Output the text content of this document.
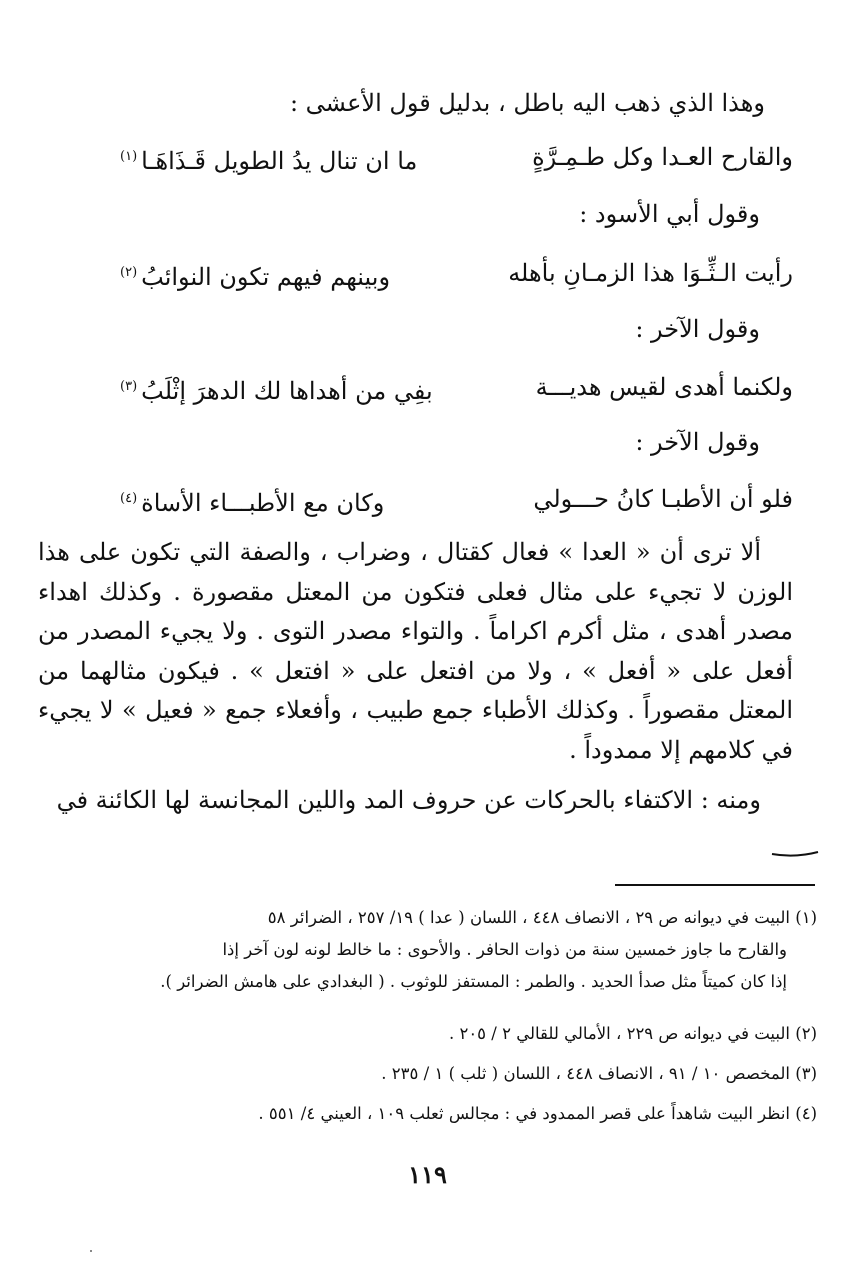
وهذا الذي ذهب اليه باطل ، بدليل قول الأعشى :
والقارح العـدا وكل طـمِـرَّةٍ
ما ان تنال يدُ الطويل قَـذَاهَـا$^{(١)}$
وقول أبي الأسود :
رأيت الـثِّـوَا هذا الزمـانِ بأهله
وبينهم فيهم تكون النوائبُ$^{(٢)}$
وقول الآخر :
ولكنما أهدى لقيس هديـــة
بفِي من أهداها لك الدهرَ إثْلَبُ$^{(٣)}$
وقول الآخر :
فلو أن الأطبـا كانُ حـــولي
وكان مع الأطبـــاء الأساة$^{(٤)}$

ألا ترى أن « العدا » فعال كقتال ، وضراب ، والصفة التي تكون على هذا الوزن لا تجيء على مثال فعلى فتكون من المعتل مقصورة . وكذلك اهداء مصدر أهدى ، مثل أكرم اكراماً . والتواء مصدر التوى . ولا يجيء المصدر من أفعل على « أفعل » ، ولا من افتعل على « افتعل » . فيكون مثالهما من المعتل مقصوراً . وكذلك الأطباء جمع طبيب ، وأفعلاء جمع « فعيل » لا يجيء في كلامهم إلا ممدوداً .

ومنه : الاكتفاء بالحركات عن حروف المد واللين المجانسة لها الكائنة في

(١) البيت في ديوانه ص ٢٩ ، الانصاف ٤٤٨ ، اللسان ( عدا ) ١٩/ ٢٥٧ ، الضرائر ٥٨
والقارح ما جاوز خمسين سنة من ذوات الحافر . والأحوى : ما خالط لونه لون آخر إذا
إذا كان كميتاً مثل صدأ الحديد . والطمر : المستفز للوثوب . ( البغدادي على هامش الضرائر ).
(٢) البيت في ديوانه ص ٢٢٩ ، الأمالي للقالي ٢ / ٢٠٥ .
(٣) المخصص ١٠ / ٩١ ، الانصاف ٤٤٨ ، اللسان ( ثلب ) ١ / ٢٣٥ .
(٤) انظر البيت شاهداً على قصر الممدود في : مجالس ثعلب ١٠٩ ، العيني ٤/ ٥٥١ .
١١٩
